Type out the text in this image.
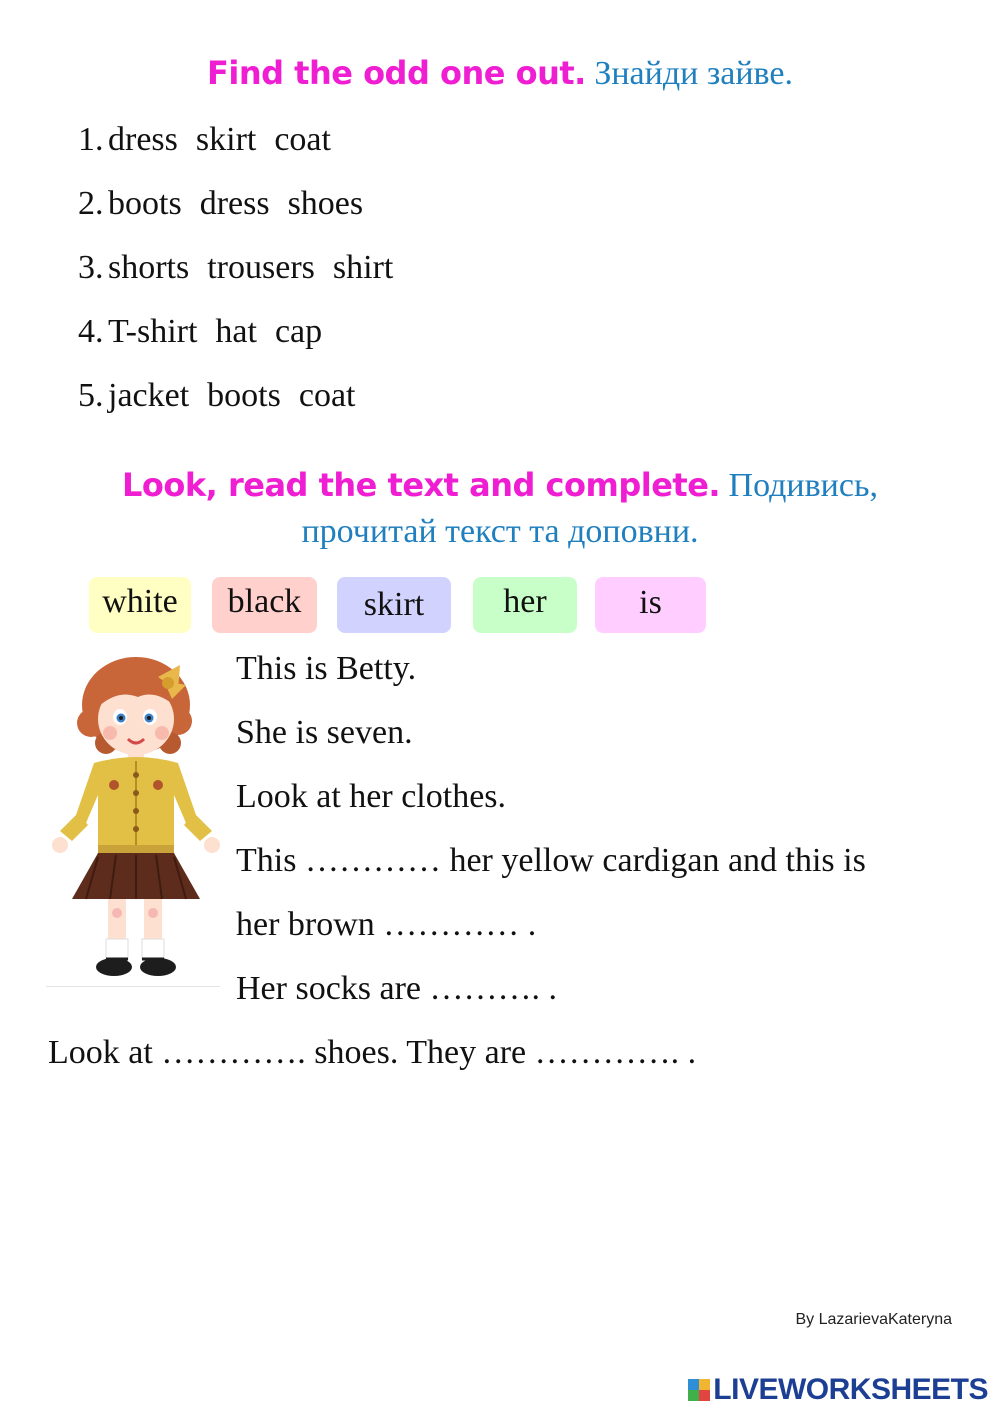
Find the odd one out. Знайди зайве.
1. dress skirt coat
2. boots dress shoes
3. shorts trousers shirt
4. T-shirt hat cap
5. jacket boots coat
Look, read the text and complete. Подивись,
прочитай текст та доповни.
white	black	skirt	her	is
This is Betty.
She is seven.
Look at her clothes.
This ………… her yellow cardigan and this is
her brown ………… .
Her socks are ………. .
Look at …………. shoes. They are …………. .
By LazarievaKateryna
LIVEWORKSHEETS
